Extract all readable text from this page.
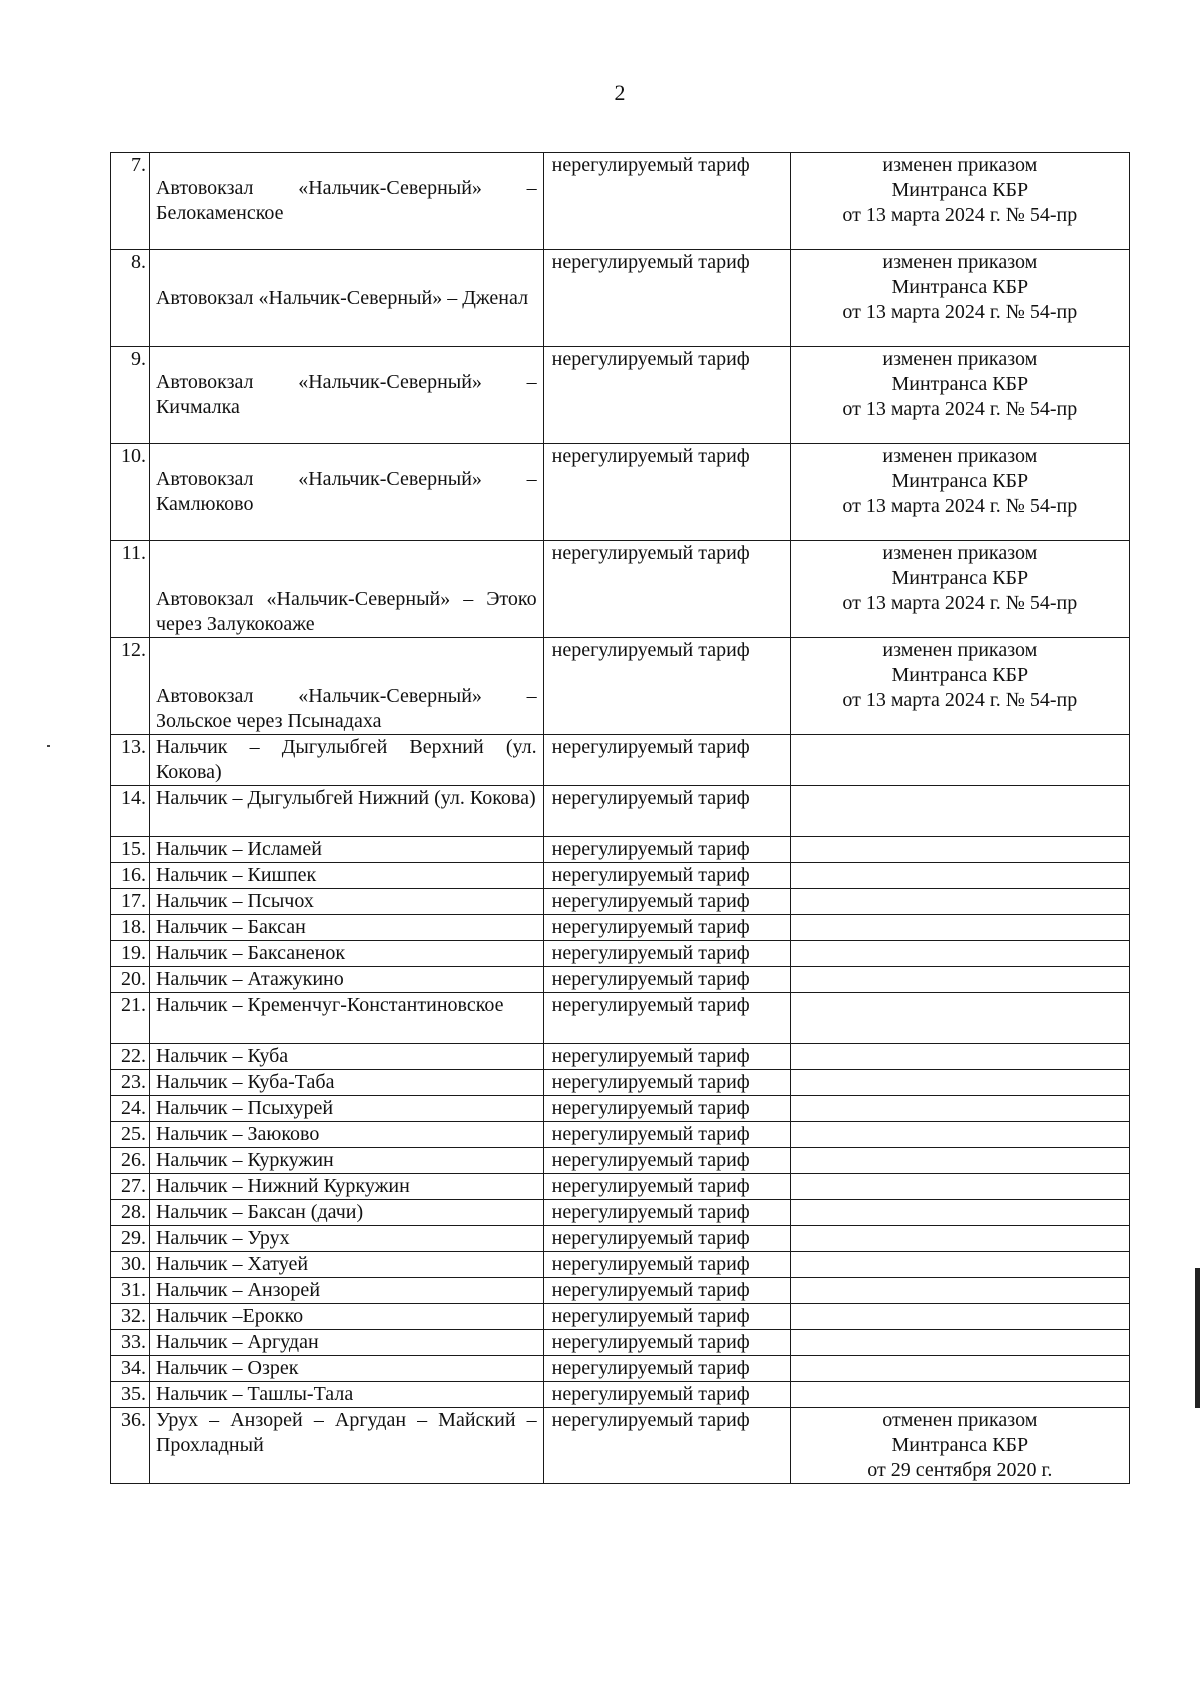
2
7.	Автовокзал «Нальчик-Северный» – Белокаменское	нерегулируемый тариф	изменен приказом
Минтранса КБР
от 13 марта 2024 г. № 54-пр
8.	Автовокзал «Нальчик-Северный» – Дженал	нерегулируемый тариф	изменен приказом
Минтранса КБР
от 13 марта 2024 г. № 54-пр
9.	Автовокзал «Нальчик-Северный» – Кичмалка	нерегулируемый тариф	изменен приказом
Минтранса КБР
от 13 марта 2024 г. № 54-пр
10.	Автовокзал «Нальчик-Северный» – Камлюково	нерегулируемый тариф	изменен приказом
Минтранса КБР
от 13 марта 2024 г. № 54-пр
11.	Автовокзал «Нальчик-Северный» – Этоко через Залукокоаже	нерегулируемый тариф	изменен приказом
Минтранса КБР
от 13 марта 2024 г. № 54-пр
12.	Автовокзал «Нальчик-Северный» – Зольское через Псынадаха	нерегулируемый тариф	изменен приказом
Минтранса КБР
от 13 марта 2024 г. № 54-пр
13.	Нальчик – Дыгулыбгей Верхний (ул. Кокова)	нерегулируемый тариф	
14.	Нальчик – Дыгулыбгей Нижний (ул. Кокова)	нерегулируемый тариф	
15.	Нальчик – Исламей	нерегулируемый тариф	
16.	Нальчик – Кишпек	нерегулируемый тариф	
17.	Нальчик – Псычох	нерегулируемый тариф	
18.	Нальчик – Баксан	нерегулируемый тариф	
19.	Нальчик – Баксаненок	нерегулируемый тариф	
20.	Нальчик – Атажукино	нерегулируемый тариф	
21.	Нальчик – Кременчуг-Константиновское	нерегулируемый тариф	
22.	Нальчик – Куба	нерегулируемый тариф	
23.	Нальчик – Куба-Таба	нерегулируемый тариф	
24.	Нальчик – Псыхурей	нерегулируемый тариф	
25.	Нальчик – Заюково	нерегулируемый тариф	
26.	Нальчик – Куркужин	нерегулируемый тариф	
27.	Нальчик – Нижний Куркужин	нерегулируемый тариф	
28.	Нальчик – Баксан (дачи)	нерегулируемый тариф	
29.	Нальчик – Урух	нерегулируемый тариф	
30.	Нальчик – Хатуей	нерегулируемый тариф	
31.	Нальчик – Анзорей	нерегулируемый тариф	
32.	Нальчик –Ерокко	нерегулируемый тариф	
33.	Нальчик – Аргудан	нерегулируемый тариф	
34.	Нальчик – Озрек	нерегулируемый тариф	
35.	Нальчик – Ташлы-Тала	нерегулируемый тариф	
36.	Урух – Анзорей – Аргудан – Майский – Прохладный	нерегулируемый тариф	отменен приказом
Минтранса КБР
от 29 сентября 2020 г.
